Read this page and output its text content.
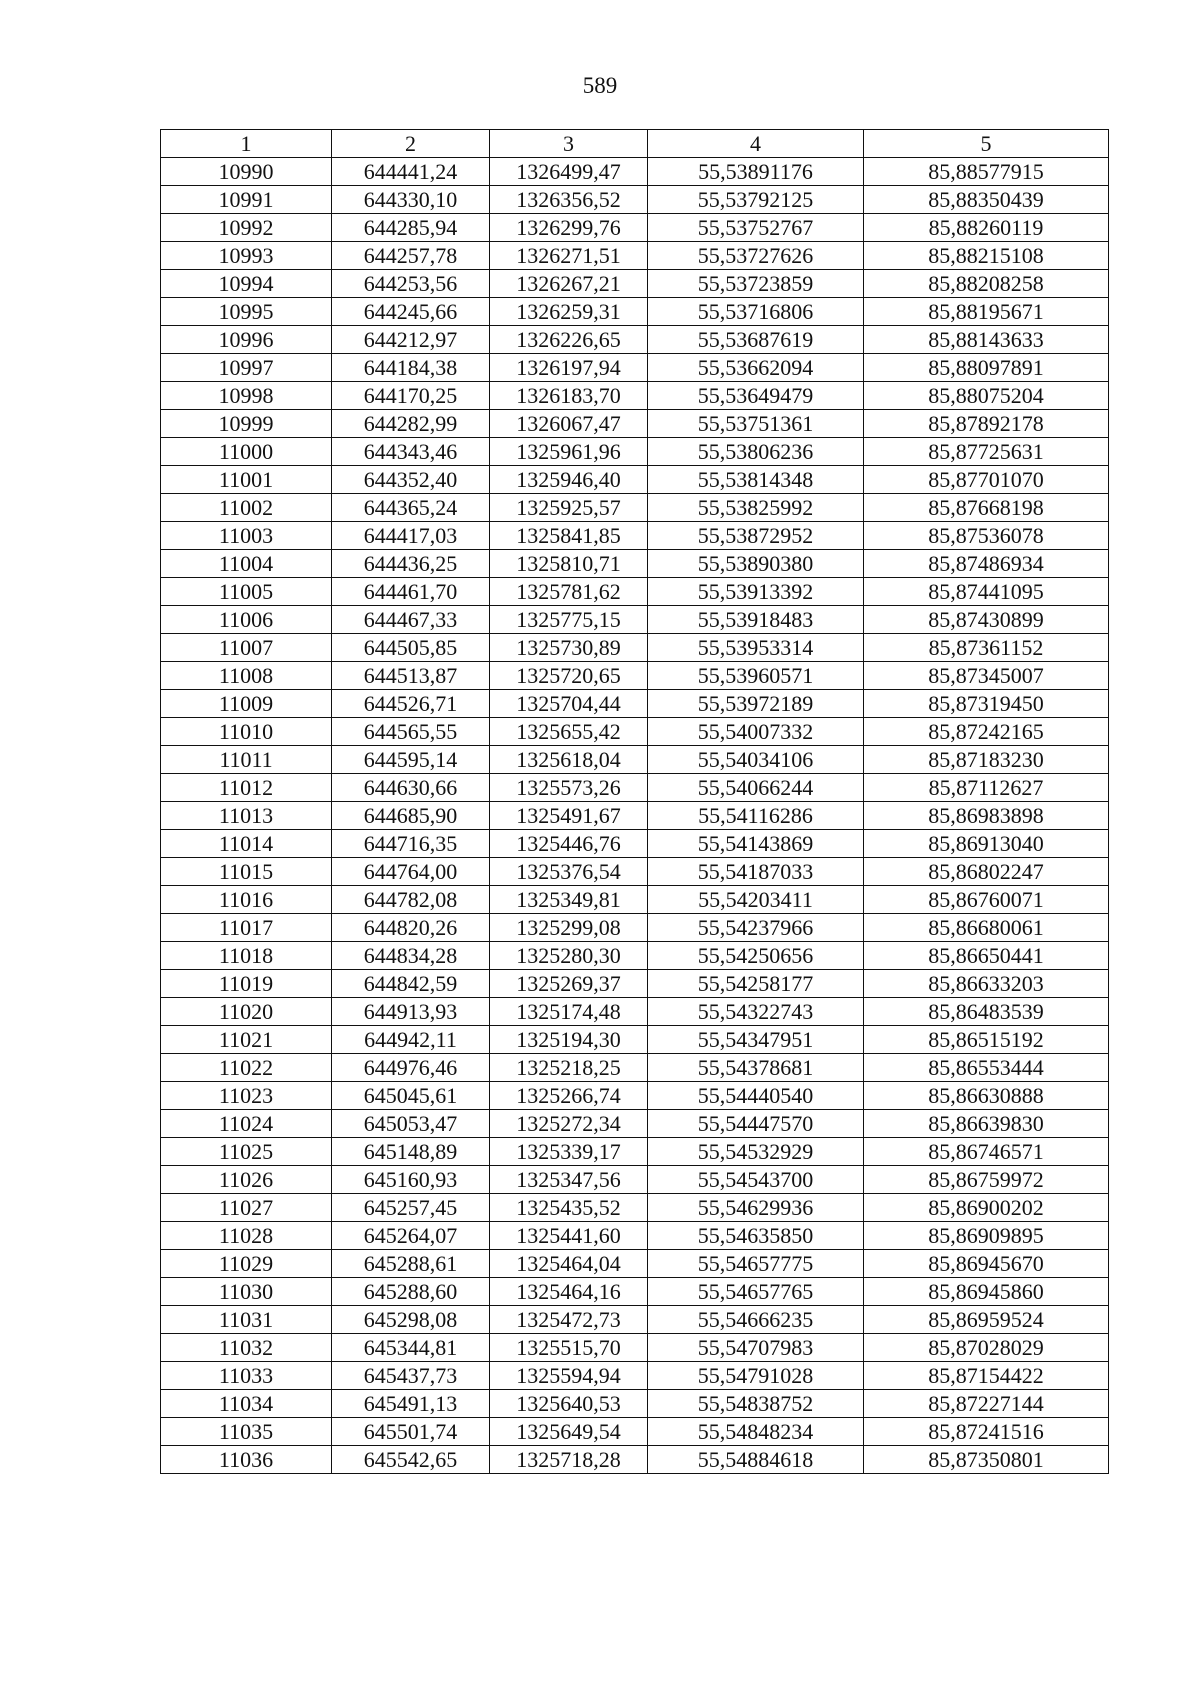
589
1	2	3	4	5
10990	644441,24	1326499,47	55,53891176	85,88577915
10991	644330,10	1326356,52	55,53792125	85,88350439
10992	644285,94	1326299,76	55,53752767	85,88260119
10993	644257,78	1326271,51	55,53727626	85,88215108
10994	644253,56	1326267,21	55,53723859	85,88208258
10995	644245,66	1326259,31	55,53716806	85,88195671
10996	644212,97	1326226,65	55,53687619	85,88143633
10997	644184,38	1326197,94	55,53662094	85,88097891
10998	644170,25	1326183,70	55,53649479	85,88075204
10999	644282,99	1326067,47	55,53751361	85,87892178
11000	644343,46	1325961,96	55,53806236	85,87725631
11001	644352,40	1325946,40	55,53814348	85,87701070
11002	644365,24	1325925,57	55,53825992	85,87668198
11003	644417,03	1325841,85	55,53872952	85,87536078
11004	644436,25	1325810,71	55,53890380	85,87486934
11005	644461,70	1325781,62	55,53913392	85,87441095
11006	644467,33	1325775,15	55,53918483	85,87430899
11007	644505,85	1325730,89	55,53953314	85,87361152
11008	644513,87	1325720,65	55,53960571	85,87345007
11009	644526,71	1325704,44	55,53972189	85,87319450
11010	644565,55	1325655,42	55,54007332	85,87242165
11011	644595,14	1325618,04	55,54034106	85,87183230
11012	644630,66	1325573,26	55,54066244	85,87112627
11013	644685,90	1325491,67	55,54116286	85,86983898
11014	644716,35	1325446,76	55,54143869	85,86913040
11015	644764,00	1325376,54	55,54187033	85,86802247
11016	644782,08	1325349,81	55,54203411	85,86760071
11017	644820,26	1325299,08	55,54237966	85,86680061
11018	644834,28	1325280,30	55,54250656	85,86650441
11019	644842,59	1325269,37	55,54258177	85,86633203
11020	644913,93	1325174,48	55,54322743	85,86483539
11021	644942,11	1325194,30	55,54347951	85,86515192
11022	644976,46	1325218,25	55,54378681	85,86553444
11023	645045,61	1325266,74	55,54440540	85,86630888
11024	645053,47	1325272,34	55,54447570	85,86639830
11025	645148,89	1325339,17	55,54532929	85,86746571
11026	645160,93	1325347,56	55,54543700	85,86759972
11027	645257,45	1325435,52	55,54629936	85,86900202
11028	645264,07	1325441,60	55,54635850	85,86909895
11029	645288,61	1325464,04	55,54657775	85,86945670
11030	645288,60	1325464,16	55,54657765	85,86945860
11031	645298,08	1325472,73	55,54666235	85,86959524
11032	645344,81	1325515,70	55,54707983	85,87028029
11033	645437,73	1325594,94	55,54791028	85,87154422
11034	645491,13	1325640,53	55,54838752	85,87227144
11035	645501,74	1325649,54	55,54848234	85,87241516
11036	645542,65	1325718,28	55,54884618	85,87350801
